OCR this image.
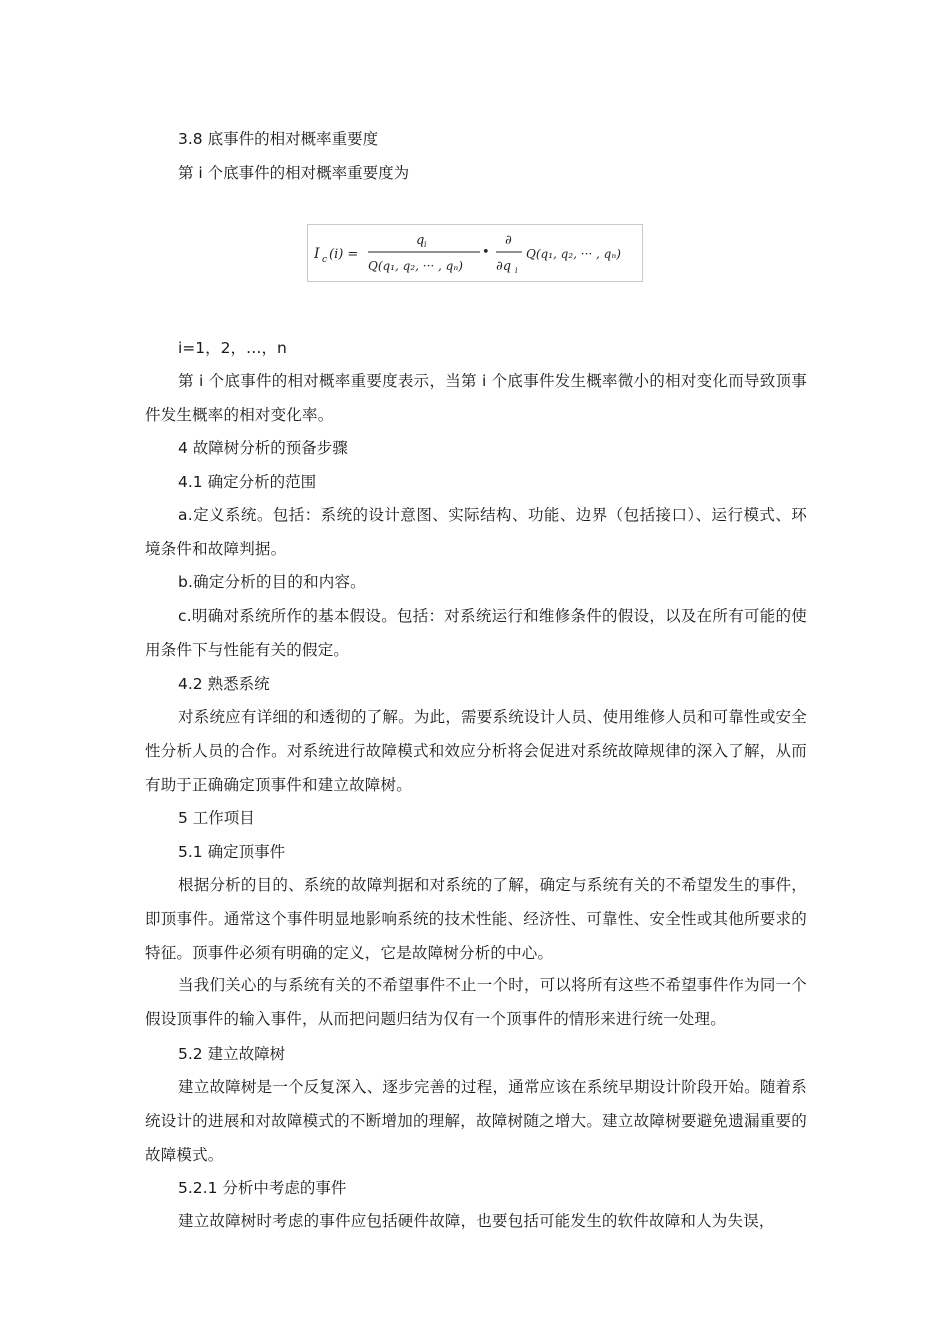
3.8 底事件的相对概率重要度
第 i 个底事件的相对概率重要度为
I c (i) =
q i
Q(q₁, q₂, ··· , qₙ)
•
∂
∂q i
Q(q₁, q₂, ··· , qₙ)
i=1，2，…，n
第 i 个底事件的相对概率重要度表示，当第 i 个底事件发生概率微小的相对变化而导致顶事件发生概率的相对变化率。
4 故障树分析的预备步骤
4.1 确定分析的范围
a.定义系统。包括：系统的设计意图、实际结构、功能、边界（包括接口）、运行模式、环境条件和故障判据。
b.确定分析的目的和内容。
c.明确对系统所作的基本假设。包括：对系统运行和维修条件的假设，以及在所有可能的使用条件下与性能有关的假定。
4.2 熟悉系统
对系统应有详细的和透彻的了解。为此，需要系统设计人员、使用维修人员和可靠性或安全性分析人员的合作。对系统进行故障模式和效应分析将会促进对系统故障规律的深入了解，从而有助于正确确定顶事件和建立故障树。
5 工作项目
5.1 确定顶事件
根据分析的目的、系统的故障判据和对系统的了解，确定与系统有关的不希望发生的事件，即顶事件。通常这个事件明显地影响系统的技术性能、经济性、可靠性、安全性或其他所要求的特征。顶事件必须有明确的定义，它是故障树分析的中心。
当我们关心的与系统有关的不希望事件不止一个时，可以将所有这些不希望事件作为同一个假设顶事件的输入事件，从而把问题归结为仅有一个顶事件的情形来进行统一处理。
5.2 建立故障树
建立故障树是一个反复深入、逐步完善的过程，通常应该在系统早期设计阶段开始。随着系统设计的进展和对故障模式的不断增加的理解，故障树随之增大。建立故障树要避免遗漏重要的故障模式。
5.2.1 分析中考虑的事件
建立故障树时考虑的事件应包括硬件故障，也要包括可能发生的软件故障和人为失误，
